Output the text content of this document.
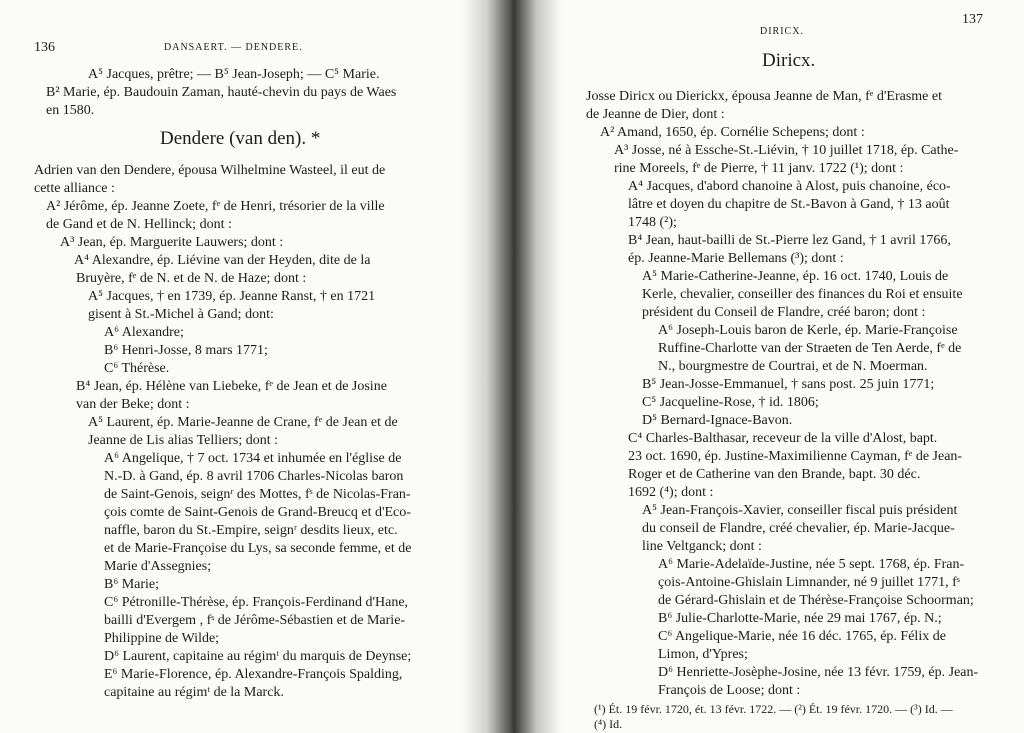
136	DANSAERT. — DENDERE.
A⁵ Jacques, prêtre; — B⁵ Jean-Joseph; — C⁵ Marie.
B² Marie, ép. Baudouin Zaman, hauté-chevin du pays de Waes
en 1580.
Dendere (van den). *
Adrien van den Dendere, épousa Wilhelmine Wasteel, il eut de
cette alliance :
A² Jérôme, ép. Jeanne Zoete, fᵉ de Henri, trésorier de la ville
de Gand et de N. Hellinck; dont :
A³ Jean, ép. Marguerite Lauwers; dont :
A⁴ Alexandre, ép. Liévine van der Heyden, dite de la
Bruyère, fᵉ de N. et de N. de Haze; dont :
A⁵ Jacques, † en 1739, ép. Jeanne Ranst, † en 1721
gisent à St.-Michel à Gand; dont:
A⁶ Alexandre;
B⁶ Henri-Josse, 8 mars 1771;
C⁶ Thérèse.
B⁴ Jean, ép. Hélène van Liebeke, fᵉ de Jean et de Josine
van der Beke; dont :
A⁵ Laurent, ép. Marie-Jeanne de Crane, fᵉ de Jean et de
Jeanne de Lis alias Telliers; dont :
A⁶ Angelique, † 7 oct. 1734 et inhumée en l'église de
N.-D. à Gand, ép. 8 avril 1706 Charles-Nicolas baron
de Saint-Genois, seignʳ des Mottes, fˢ de Nicolas-Fran-
çois comte de Saint-Genois de Grand-Breucq et d'Eco-
naffle, baron du St.-Empire, seignʳ desdits lieux, etc.
et de Marie-Françoise du Lys, sa seconde femme, et de
Marie d'Assegnies;
B⁶ Marie;
C⁶ Pétronille-Thérèse, ép. François-Ferdinand d'Hane,
bailli d'Evergem , fˢ de Jérôme-Sébastien et de Marie-
Philippine de Wilde;
D⁶ Laurent, capitaine au régimᵗ du marquis de Deynse;
E⁶ Marie-Florence, ép. Alexandre-François Spalding,
capitaine au régimᵗ de la Marck.
137
DIRICX.
Diricx.
Josse Diricx ou Dierickx, épousa Jeanne de Man, fᵉ d'Erasme et
de Jeanne de Dier, dont :
A² Amand, 1650, ép. Cornélie Schepens; dont :
A³ Josse, né à Essche-St.-Liévin, † 10 juillet 1718, ép. Cathe-
rine Moreels, fᵉ de Pierre, † 11 janv. 1722 (¹); dont :
A⁴ Jacques, d'abord chanoine à Alost, puis chanoine, éco-
lâtre et doyen du chapitre de St.-Bavon à Gand, † 13 août
1748 (²);
B⁴ Jean, haut-bailli de St.-Pierre lez Gand, † 1 avril 1766,
ép. Jeanne-Marie Bellemans (³); dont :
A⁵ Marie-Catherine-Jeanne, ép. 16 oct. 1740, Louis de
Kerle, chevalier, conseiller des finances du Roi et ensuite
président du Conseil de Flandre, créé baron; dont :
A⁶ Joseph-Louis baron de Kerle, ép. Marie-Françoise
Ruffine-Charlotte van der Straeten de Ten Aerde, fᵉ de
N., bourgmestre de Courtrai, et de N. Moerman.
B⁵ Jean-Josse-Emmanuel, † sans post. 25 juin 1771;
C⁵ Jacqueline-Rose, † id. 1806;
D⁵ Bernard-Ignace-Bavon.
C⁴ Charles-Balthasar, receveur de la ville d'Alost, bapt.
23 oct. 1690, ép. Justine-Maximilienne Cayman, fᵉ de Jean-
Roger et de Catherine van den Brande, bapt. 30 déc.
1692 (⁴); dont :
A⁵ Jean-François-Xavier, conseiller fiscal puis président
du conseil de Flandre, créé chevalier, ép. Marie-Jacque-
line Veltganck; dont :
A⁶ Marie-Adelaïde-Justine, née 5 sept. 1768, ép. Fran-
çois-Antoine-Ghislain Limnander, né 9 juillet 1771, fˢ
de Gérard-Ghislain et de Thérèse-Françoise Schoorman;
B⁶ Julie-Charlotte-Marie, née 29 mai 1767, ép. N.;
C⁶ Angelique-Marie, née 16 déc. 1765, ép. Félix de
Limon, d'Ypres;
D⁶ Henriette-Josèphe-Josine, née 13 févr. 1759, ép. Jean-
François de Loose; dont :
(¹) Ét. 19 févr. 1720, ét. 13 févr. 1722. — (²) Ét. 19 févr. 1720. — (³) Id. —
(⁴) Id.
